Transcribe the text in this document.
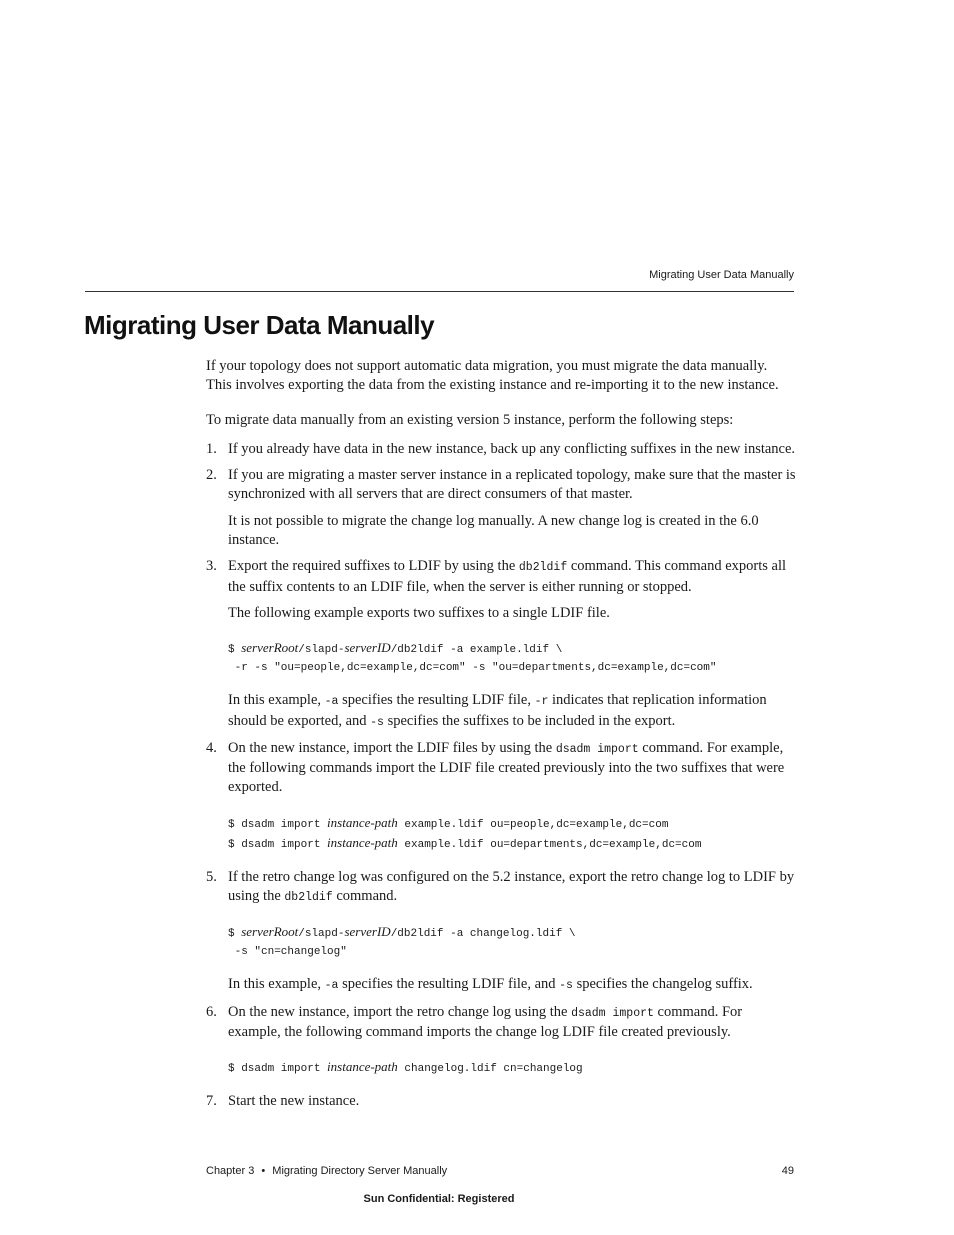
Migrating User Data Manually
Migrating User Data Manually

If your topology does not support automatic data migration, you must migrate the data manually. This involves exporting the data from the existing instance and re-importing it to the new instance.

To migrate data manually from an existing version 5 instance, perform the following steps:

1. If you already have data in the new instance, back up any conflicting suffixes in the new instance.

2. If you are migrating a master server instance in a replicated topology, make sure that the master is synchronized with all servers that are direct consumers of that master.

It is not possible to migrate the change log manually. A new change log is created in the 6.0 instance.

3. Export the required suffixes to LDIF by using the db2ldif command. This command exports all the suffix contents to an LDIF file, when the server is either running or stopped.

The following example exports two suffixes to a single LDIF file.

$ serverRoot/slapd-serverID/db2ldif -a example.ldif \
-r -s "ou=people,dc=example,dc=com" -s "ou=departments,dc=example,dc=com"

In this example, -a specifies the resulting LDIF file, -r indicates that replication information should be exported, and -s specifies the suffixes to be included in the export.

4. On the new instance, import the LDIF files by using the dsadm import command. For example, the following commands import the LDIF file created previously into the two suffixes that were exported.

$ dsadm import instance-path example.ldif ou=people,dc=example,dc=com
$ dsadm import instance-path example.ldif ou=departments,dc=example,dc=com
5. If the retro change log was configured on the 5.2 instance, export the retro change log to LDIF by using the db2ldif command.

$ serverRoot/slapd-serverID/db2ldif -a changelog.ldif \
-s "cn=changelog"

In this example, -a specifies the resulting LDIF file, and -s specifies the changelog suffix.

6. On the new instance, import the retro change log using the dsadm import command. For example, the following command imports the change log LDIF file created previously.

$ dsadm import instance-path changelog.ldif cn=changelog
7. Start the new instance.

Chapter 3 • Migrating Directory Server Manually	49
Sun Confidential: Registered
